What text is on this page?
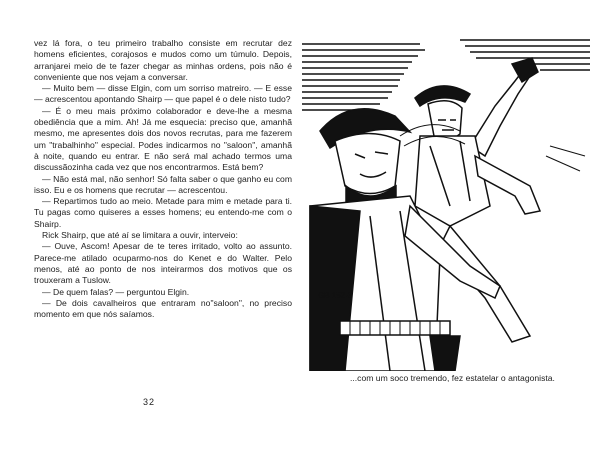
vez lá fora, o teu primeiro trabalho consiste em recrutar dez homens eficientes, corajosos e mudos como um túmulo. Depois, arranjarei meio de te fazer chegar as minhas ordens, pois não é conveniente que nos vejam a conversar.

— Muito bem — disse Elgin, com um sorriso matreiro. — E esse — acrescentou apontando Shairp — que papel é o dele nisto tudo?

— É o meu mais próximo colaborador e deve-lhe a mesma obediência que a mim. Ah! Já me esquecia: preciso que, amanhã mesmo, me apresentes dois dos novos recrutas, para me fazerem um "trabalhinho" especial. Podes indicarmos no "saloon", amanhã à noite, quando eu entrar. E não será mal achado termos uma discussãozinha cada vez que nos encontrarmos. Está bem?

— Não está mal, não senhor! Só falta saber o que ganho eu com isso. Eu e os homens que recrutar — acrescentou.

— Repartimos tudo ao meio. Metade para mim e metade para ti. Tu pagas como quiseres a esses homens; eu entendo-me com o Shairp.

Rick Shairp, que até aí se limitara a ouvir, interveio:

— Ouve, Ascom! Apesar de te teres irritado, volto ao assunto. Parece-me atilado ocuparmo-nos do Kenet e do Walter. Pelo menos, até ao ponto de nos inteirarmos dos motivos que os trouxeram a Tuslow.

— De quem falas? — perguntou Elgin.

— De dois cavalheiros que entraram no"saloon", no preciso momento em que nós saíamos.

32
GB 152-3

...com um soco tremendo, fez estatelar o antagonista.
